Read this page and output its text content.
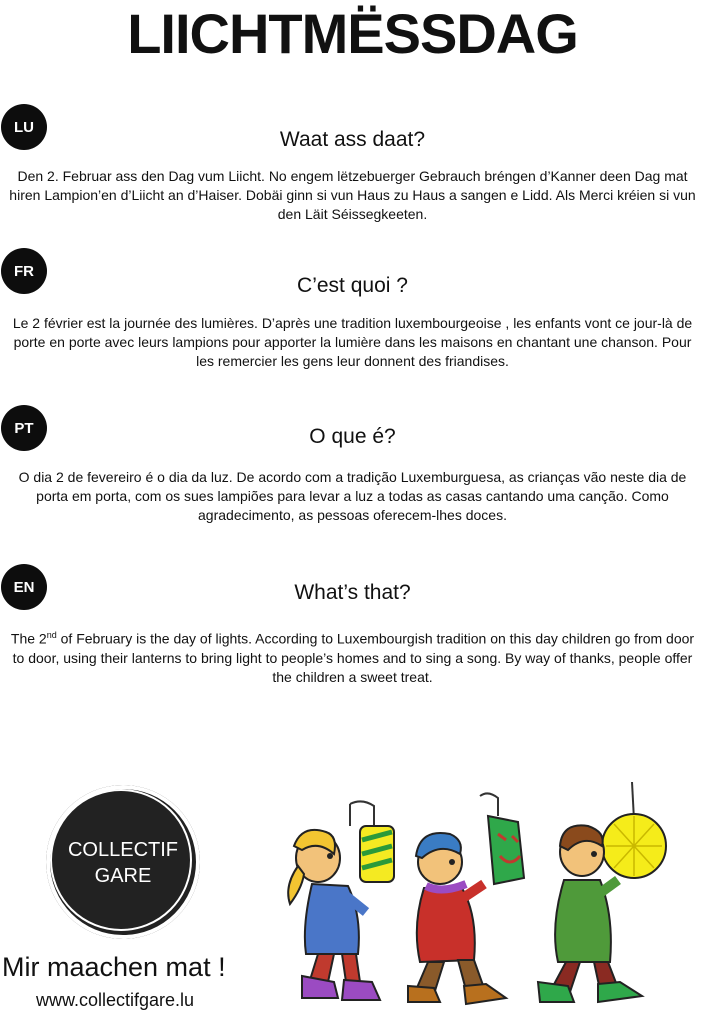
LIICHTMËSSDAG
LU
Waat ass daat?
Den 2. Februar ass den Dag vum Liicht. No engem lëtzebuerger Gebrauch bréngen d’Kanner deen Dag mat hiren Lampion’en d’Liicht an d’Haiser. Dobäi ginn si vun Haus zu Haus a sangen e Lidd. Als Merci kréien si vun den Läit Séissegkeeten.
FR
C’est quoi ?
Le 2 février est la journée des lumières. D’après une tradition luxembourgeoise , les enfants vont ce jour-là de porte en porte avec leurs lampions pour apporter la lumière dans les maisons en chantant une chanson. Pour les remercier les gens leur donnent des friandises.
PT	O que é?
O dia 2 de fevereiro é o dia da luz. De acordo com a tradição Luxemburguesa, as crianças vão neste dia de porta em porta, com os sues lampiões para levar a luz a todas as casas cantando uma canção. Como agradecimento, as pessoas oferecem-lhes doces.
EN	What’s that?
The 2nd of February is the day of lights. According to Luxembourgish tradition on this day children go from door to door, using their lanterns to bring light to people’s homes and to sing a song. By way of thanks, people offer the children a sweet treat.
COLLECTIF
GARE
Mir maachen mat !
www.collectifgare.lu
